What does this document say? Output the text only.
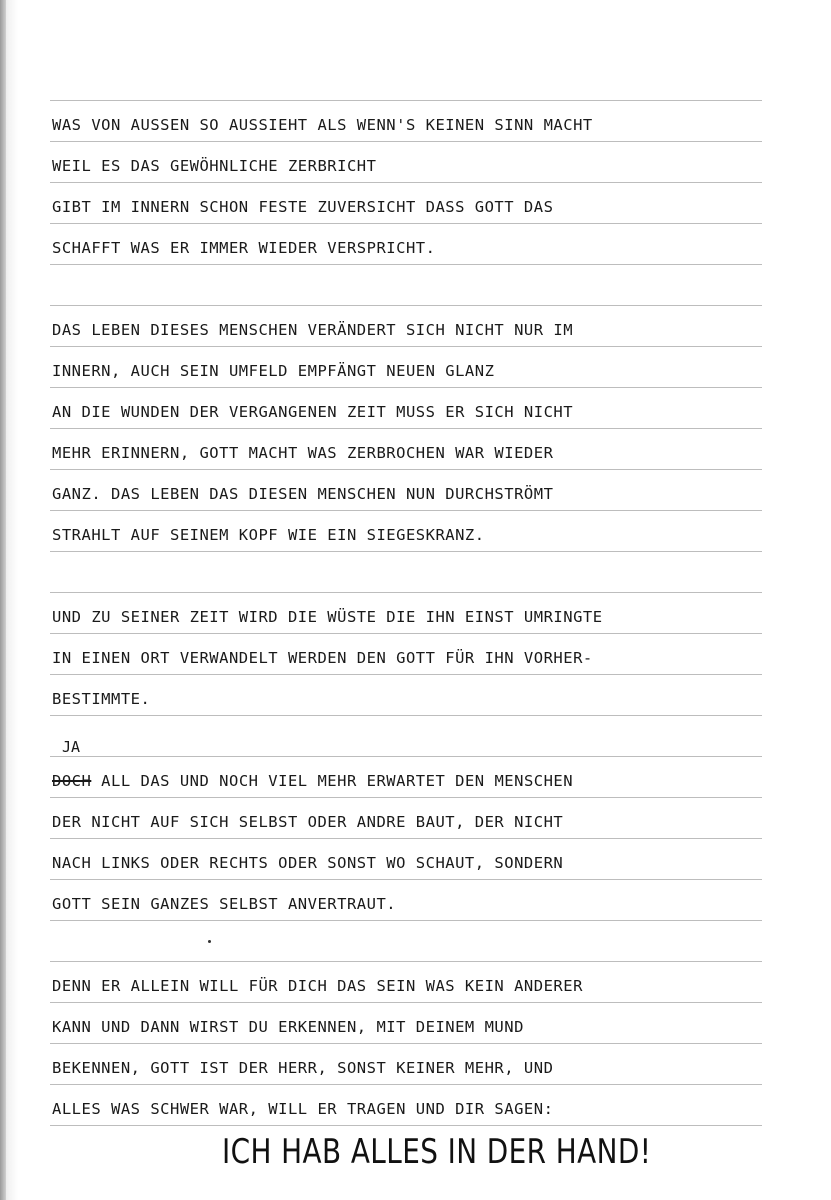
WAS VON AUSSEN SO AUSSIEHT ALS WENN'S KEINEN SINN MACHT
WEIL ES DAS GEWÖHNLICHE ZERBRICHT
GIBT IM INNERN SCHON FESTE ZUVERSICHT DASS GOTT DAS
SCHAFFT WAS ER IMMER WIEDER VERSPRICHT.
DAS LEBEN DIESES MENSCHEN VERÄNDERT SICH NICHT NUR IM
INNERN, AUCH SEIN UMFELD EMPFÄNGT NEUEN GLANZ
AN DIE WUNDEN DER VERGANGENEN ZEIT MUSS ER SICH NICHT
MEHR ERINNERN, GOTT MACHT WAS ZERBROCHEN WAR WIEDER
GANZ. DAS LEBEN DAS DIESEN MENSCHEN NUN DURCHSTRÖMT
STRAHLT AUF SEINEM KOPF WIE EIN SIEGESKRANZ.
UND ZU SEINER ZEIT WIRD DIE WÜSTE DIE IHN EINST UMRINGTE
IN EINEN ORT VERWANDELT WERDEN DEN GOTT FÜR IHN VORHER-
BESTIMMTE.
JA
DOCH ALL DAS UND NOCH VIEL MEHR ERWARTET DEN MENSCHEN
DER NICHT AUF SICH SELBST ODER ANDRE BAUT, DER NICHT
NACH LINKS ODER RECHTS ODER SONST WO SCHAUT, SONDERN
GOTT SEIN GANZES SELBST ANVERTRAUT.
DENN ER ALLEIN WILL FÜR DICH DAS SEIN WAS KEIN ANDERER
KANN UND DANN WIRST DU ERKENNEN, MIT DEINEM MUND
BEKENNEN, GOTT IST DER HERR, SONST KEINER MEHR, UND
ALLES WAS SCHWER WAR, WILL ER TRAGEN UND DIR SAGEN:
ICH HAB ALLES IN DER HAND!
